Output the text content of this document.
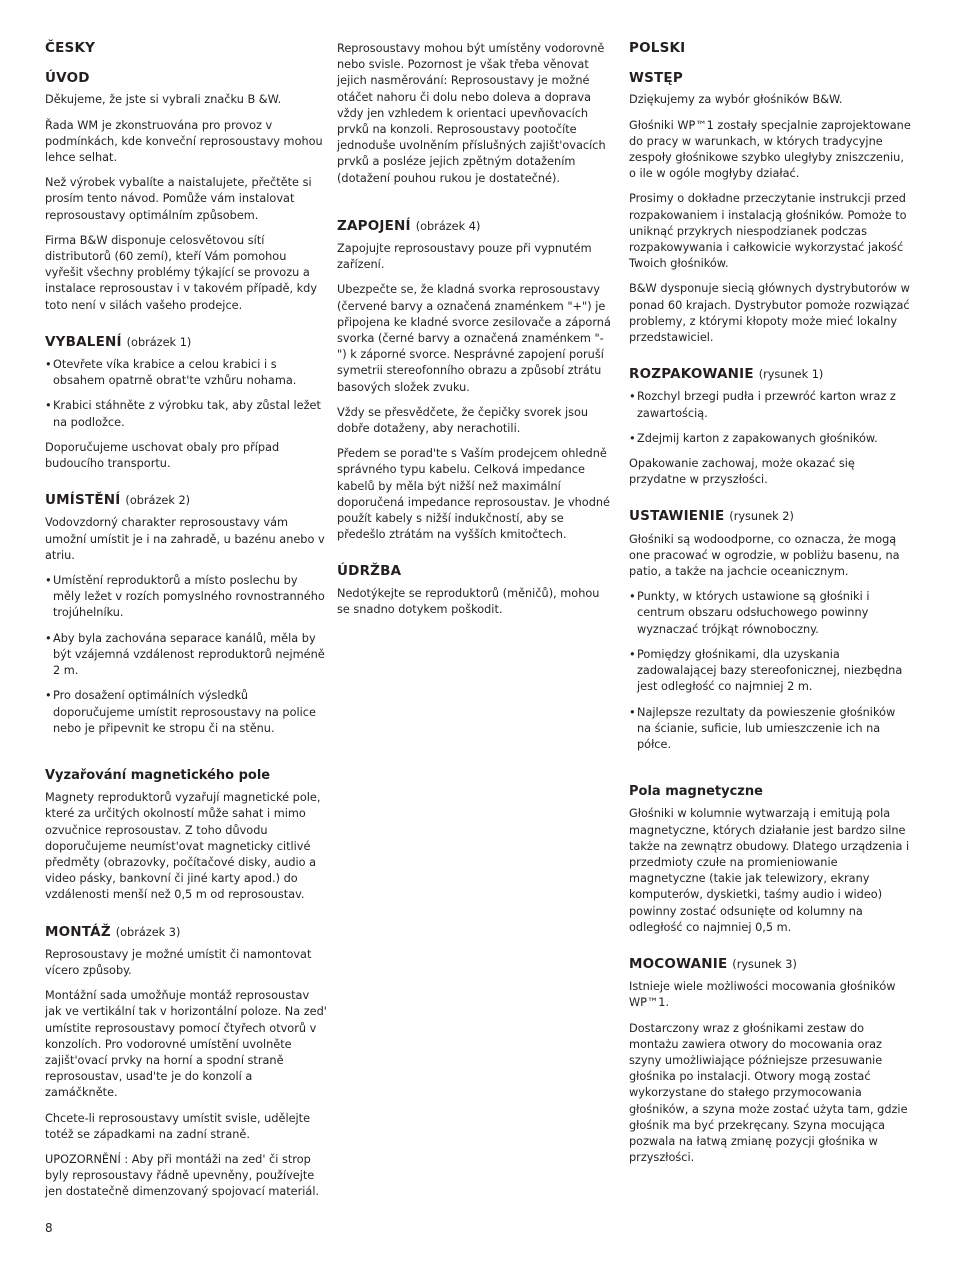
ČESKY
ÚVOD

Děkujeme, že jste si vybrali značku B &W.

Řada WM je zkonstruována pro provoz v podmínkách, kde konveční reprosoustavy mohou lehce selhat.

Než výrobek vybalíte a naistalujete, přečtěte si prosím tento návod. Pomůže vám instalovat reprosoustavy optimálním způsobem.

Firma B&W disponuje celosvětovou sítí distributorů (60 zemí), kteří Vám pomohou vyřešit všechny problémy týkající se provozu a instalace reprosoustav i v takovém případě, kdy toto není v silách vašeho prodejce.

VYBALENÍ (obrázek 1)
• Otevřete víka krabice a celou krabici i s obsahem opatrně obrat'te vzhůru nohama.
• Krabici stáhněte z výrobku tak, aby zůstal ležet na podložce.

Doporučujeme uschovat obaly pro případ budoucího transportu.

UMÍSTĚNÍ (obrázek 2)

Vodovzdorný charakter reprosoustavy vám umožní umístit je i na zahradě, u bazénu anebo v atriu.

• Umístění reproduktorů a místo poslechu by měly ležet v rozích pomyslného rovnostranného trojúhelníku.
• Aby byla zachována separace kanálů, měla by být vzájemná vzdálenost reproduktorů nejméně 2 m.
• Pro dosažení optimálních výsledků doporučujeme umístit reprosoustavy na police nebo je připevnit ke stropu či na stěnu.
Vyzařování magnetického pole

Magnety reproduktorů vyzařují magnetické pole, které za určitých okolností může sahat i mimo ozvučnice reprosoustav. Z toho důvodu doporučujeme neumíst'ovat magneticky citlivé předměty (obrazovky, počítačové disky, audio a video pásky, bankovní či jiné karty apod.) do vzdálenosti menší než 0,5 m od reprosoustav.

MONTÁŽ (obrázek 3)

Reprosoustavy je možné umístit či namontovat vícero způsoby.

Montážní sada umožňuje montáž reprosoustav jak ve vertikální tak v horizontální poloze. Na zed' umístite reprosoustavy pomocí čtyřech otvorů v konzolích. Pro vodorovné umístění uvolněte zajišt'ovací prvky na horní a spodní straně reprosoustav, usad'te je do konzolí a zamáčkněte.

Chcete-li reprosoustavy umístit svisle, udělejte totéž se západkami na zadní straně.

UPOZORNĚNÍ : Aby při montáži na zed' či strop byly reprosoustavy řádně upevněny, používejte jen dostatečně dimenzovaný spojovací materiál.

Reprosoustavy mohou být umístěny vodorovně nebo svisle. Pozornost je však třeba věnovat jejich nasměrování: Reprosoustavy je možné otáčet nahoru či dolu nebo doleva a doprava vždy jen vzhledem k orientaci upevňovacích prvků na konzoli. Reprosoustavy pootočíte jednoduše uvolněním příslušných zajišt'ovacích prvků a posléze jejich zpětným dotažením (dotažení pouhou rukou je dostatečné).

ZAPOJENÍ (obrázek 4)

Zapojujte reprosoustavy pouze při vypnutém zařízení.

Ubezpečte se, že kladná svorka reprosoustavy (červené barvy a označená znaménkem "+") je připojena ke kladné svorce zesilovače a záporná svorka (černé barvy a označená znaménkem "-") k záporné svorce. Nesprávné zapojení poruší symetrii stereofonního obrazu a způsobí ztrátu basových složek zvuku.

Vždy se přesvědčete, že čepičky svorek jsou dobře dotaženy, aby nerachotili.

Předem se porad'te s Vaším prodejcem ohledně správného typu kabelu. Celková impedance kabelů by měla být nižší než maximální doporučená impedance reprosoustav. Je vhodné použít kabely s nižší indukčností, aby se předešlo ztrátám na vyšších kmitočtech.

ÚDRŽBA

Nedotýkejte se reproduktorů (měničů), mohou se snadno dotykem poškodit.

POLSKI
WSTĘP

Dziękujemy za wybór głośników B&W.

Głośniki WP™1 zostały specjalnie zaprojektowane do pracy w warunkach, w których tradycyjne zespoły głośnikowe szybko uległyby zniszczeniu, o ile w ogóle mogłyby działać.

Prosimy o dokładne przeczytanie instrukcji przed rozpakowaniem i instalacją głośników. Pomoże to uniknąć przykrych niespodzianek podczas rozpakowywania i całkowicie wykorzystać jakość Twoich głośników.

B&W dysponuje siecią głównych dystrybutorów w ponad 60 krajach. Dystrybutor pomoże rozwiązać problemy, z którymi kłopoty może mieć lokalny przedstawiciel.

ROZPAKOWANIE (rysunek 1)
• Rozchyl brzegi pudła i przewróć karton wraz z zawartością.
• Zdejmij karton z zapakowanych głośników.

Opakowanie zachowaj, może okazać się przydatne w przyszłości.

USTAWIENIE (rysunek 2)

Głośniki są wodoodporne, co oznacza, że mogą one pracować w ogrodzie, w pobliżu basenu, na patio, a także na jachcie oceanicznym.

• Punkty, w których ustawione są głośniki i centrum obszaru odsłuchowego powinny wyznaczać trójkąt równoboczny.
• Pomiędzy głośnikami, dla uzyskania zadowalającej bazy stereofonicznej, niezbędna jest odległość co najmniej 2 m.
• Najlepsze rezultaty da powieszenie głośników na ścianie, suficie, lub umieszczenie ich na półce.
Pola magnetyczne

Głośniki w kolumnie wytwarzają i emitują pola magnetyczne, których działanie jest bardzo silne także na zewnątrz obudowy. Dlatego urządzenia i przedmioty czułe na promieniowanie magnetyczne (takie jak telewizory, ekrany komputerów, dyskietki, taśmy audio i wideo) powinny zostać odsunięte od kolumny na odległość co najmniej 0,5 m.

MOCOWANIE (rysunek 3)

Istnieje wiele możliwości mocowania głośników WP™1.

Dostarczony wraz z głośnikami zestaw do montażu zawiera otwory do mocowania oraz szyny umożliwiające późniejsze przesuwanie głośnika po instalacji. Otwory mogą zostać wykorzystane do stałego przymocowania głośników, a szyna może zostać użyta tam, gdzie głośnik ma być przekręcany. Szyna mocująca pozwala na łatwą zmianę pozycji głośnika w przyszłości.

8
